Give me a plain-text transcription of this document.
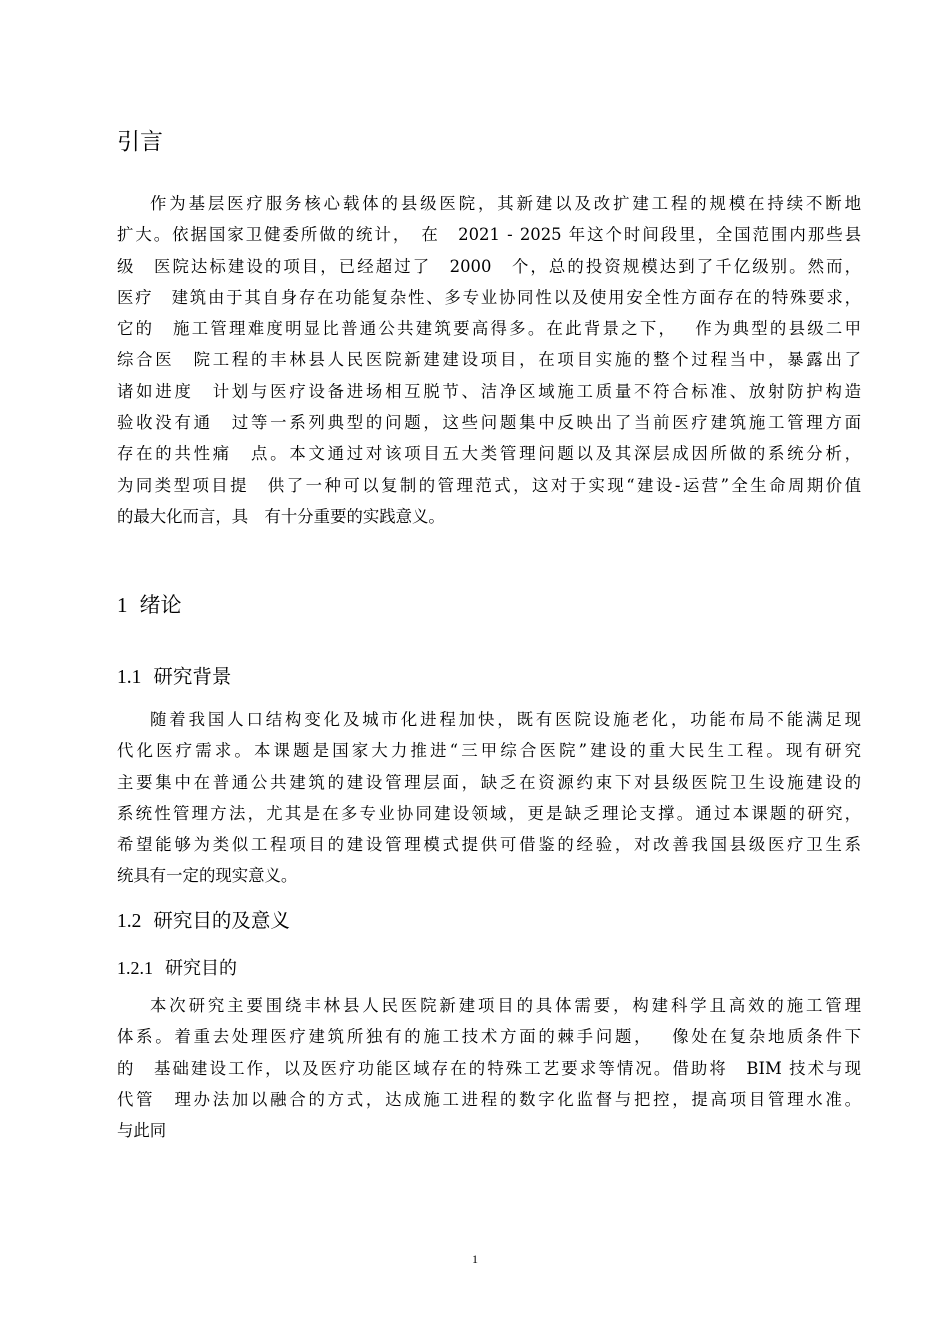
引言
作为基层医疗服务核心载体的县级医院，其新建以及改扩建工程的规模在持续不断地
扩大。依据国家卫健委所做的统计，　在　2021 - 2025 年这个时间段里，全国范围内那些县
级　医院达标建设的项目，已经超过了　2000　个，总的投资规模达到了千亿级别。然而，
医疗　建筑由于其自身存在功能复杂性、多专业协同性以及使用安全性方面存在的特殊要求，
它的　施工管理难度明显比普通公共建筑要高得多。在此背景之下，　 作为典型的县级二甲
综合医　院工程的丰林县人民医院新建建设项目，在项目实施的整个过程当中，暴露出了
诸如进度　计划与医疗设备进场相互脱节、洁净区域施工质量不符合标准、放射防护构造
验收没有通　过等一系列典型的问题，这些问题集中反映出了当前医疗建筑施工管理方面
存在的共性痛　点。本文通过对该项目五大类管理问题以及其深层成因所做的系统分析，
为同类型项目提　供了一种可以复制的管理范式，这对于实现“建设-运营”全生命周期价值
的最大化而言，具　有十分重要的实践意义。
1 绪论
1.1 研究背景
随着我国人口结构变化及城市化进程加快，既有医院设施老化，功能布局不能满足现
代化医疗需求。本课题是国家大力推进“三甲综合医院”建设的重大民生工程。现有研究
主要集中在普通公共建筑的建设管理层面，缺乏在资源约束下对县级医院卫生设施建设的
系统性管理方法，尤其是在多专业协同建设领域，更是缺乏理论支撑。通过本课题的研究，
希望能够为类似工程项目的建设管理模式提供可借鉴的经验，对改善我国县级医疗卫生系
统具有一定的现实意义。
1.2 研究目的及意义
1.2.1 研究目的
本次研究主要围绕丰林县人民医院新建项目的具体需要，构建科学且高效的施工管理
体系。着重去处理医疗建筑所独有的施工技术方面的棘手问题，　 像处在复杂地质条件下
的　基础建设工作，以及医疗功能区域存在的特殊工艺要求等情况。借助将　BIM 技术与现
代管　理办法加以融合的方式，达成施工进程的数字化监督与把控，提高项目管理水准。
与此同
1
